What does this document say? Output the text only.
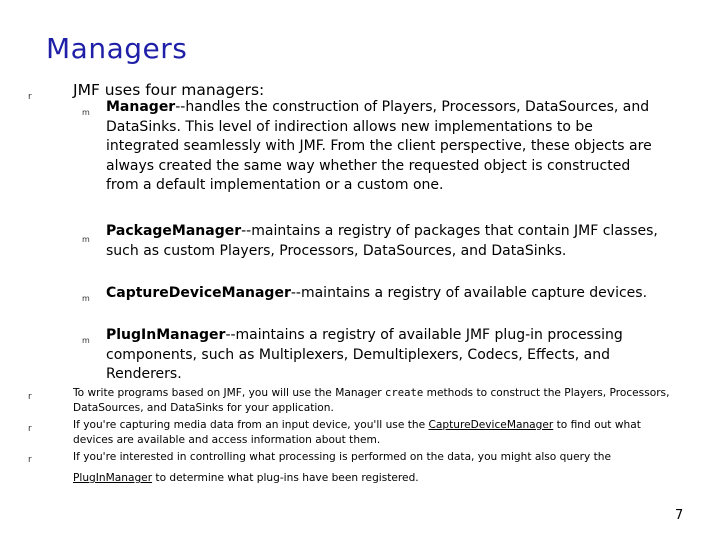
Managers
r	JMF uses four managers:
m Manager--handles the construction of Players, Processors, DataSources, and DataSinks. This level of indirection allows new implementations to be integrated seamlessly with JMF. From the client perspective, these objects are always created the same way whether the requested object is constructed from a default implementation or a custom one.
m
PackageManager--maintains a registry of packages that contain JMF classes, such as custom Players, Processors, DataSources, and DataSinks.
m CaptureDeviceManager--maintains a registry of available capture devices.
m PlugInManager--maintains a registry of available JMF plug-in processing components, such as Multiplexers, Demultiplexers, Codecs, Effects, and Renderers.
r	To write programs based on JMF, you will use the Manager create methods to construct the Players, Processors, DataSources, and DataSinks for your application.
r	If you're capturing media data from an input device, you'll use the CaptureDeviceManager to find out what devices are available and access information about them.
r	If you're interested in controlling what processing is performed on the data, you might also query the
PlugInManager to determine what plug-ins have been registered.
7
